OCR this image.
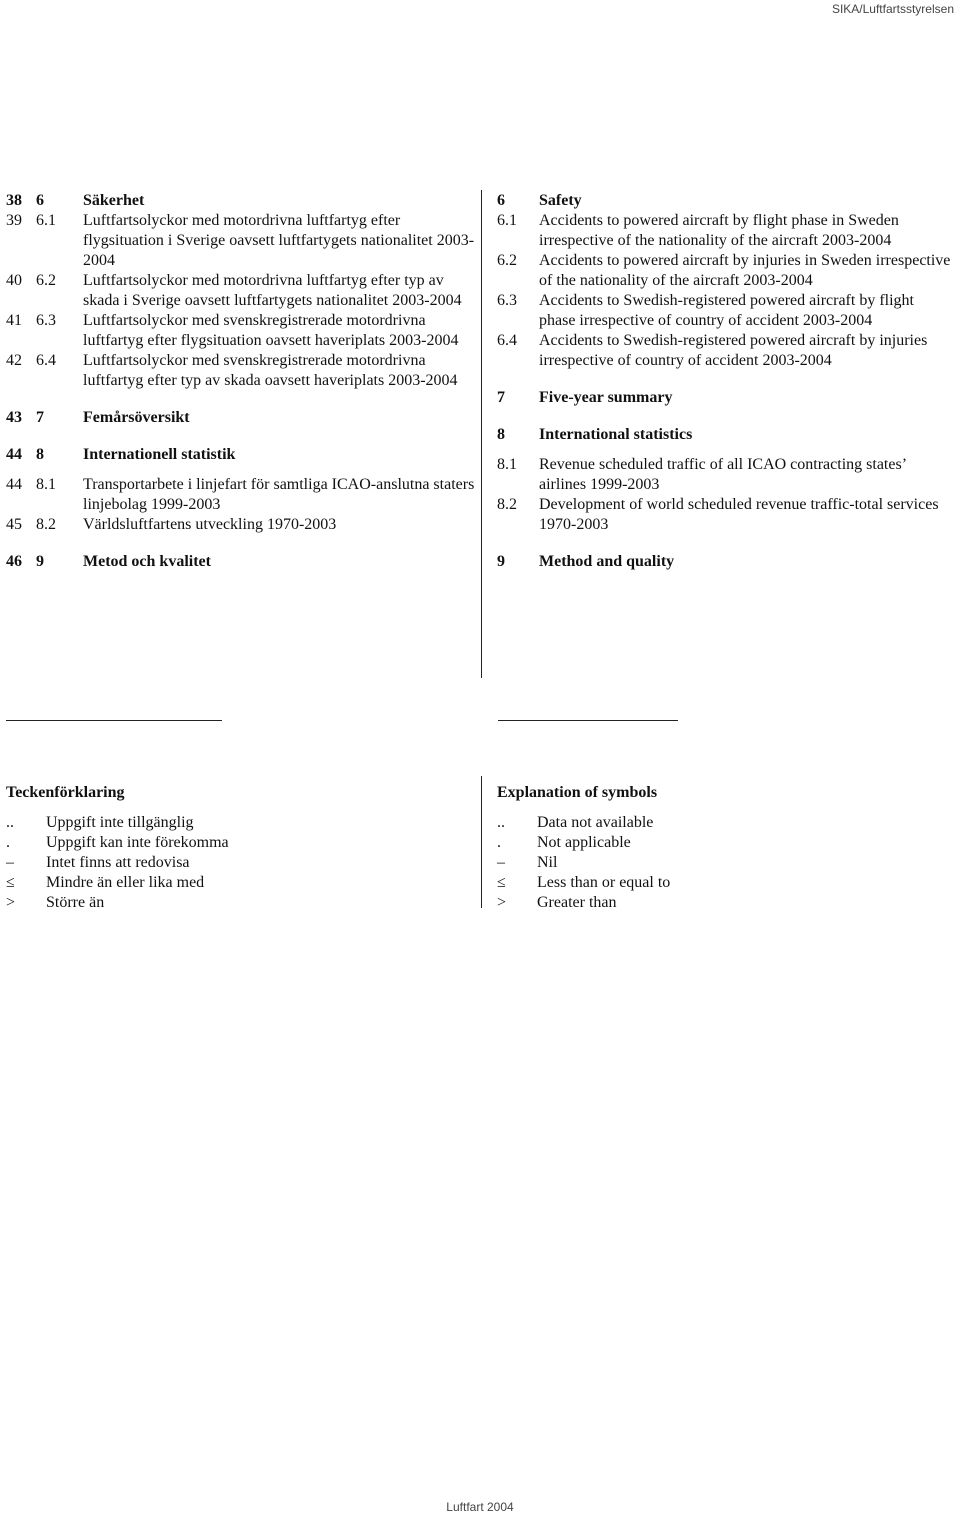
SIKA/Luftfartsstyrelsen
38 6	Säkerhet
39 6.1	Luftfartsolyckor med motordrivna luftfartyg efter flygsituation i Sverige oavsett luftfartygets nationalitet 2003-2004
40 6.2	Luftfartsolyckor med motordrivna luftfartyg efter typ av skada i Sverige oavsett luftfartygets nationalitet 2003-2004
41 6.3	Luftfartsolyckor med svenskregistrerade motordrivna luftfartyg efter flygsituation oavsett haveriplats 2003-2004
42 6.4	Luftfartsolyckor med svenskregistrerade motordrivna luftfartyg efter typ av skada oavsett haveriplats 2003-2004
43 7	Femårsöversikt
44 8	Internationell statistik
44 8.1	Transportarbete i linjefart för samtliga ICAO-anslutna staters linjebolag 1999-2003
45 8.2	Världsluftfartens utveckling 1970-2003
46 9	Metod och kvalitet
6	Safety
6.1	Accidents to powered aircraft by flight phase in Sweden irrespective of the nationality of the aircraft 2003-2004
6.2	Accidents to powered aircraft by injuries in Sweden irrespective of the nationality of the aircraft 2003-2004
6.3	Accidents to Swedish-registered powered aircraft by flight phase irrespective of country of accident 2003-2004
6.4	Accidents to Swedish-registered powered aircraft by injuries irrespective of country of accident 2003-2004
7	Five-year summary
8	International statistics
8.1	Revenue scheduled traffic of all ICAO contracting states’ airlines 1999-2003
8.2	Development of world scheduled revenue traffic-total services 1970-2003
9	Method and quality
Teckenförklaring
.. Uppgift inte tillgänglig
. Uppgift kan inte förekomma
– Intet finns att redovisa
≤ Mindre än eller lika med
> Större än
Explanation of symbols
.. Data not available
. Not applicable
– Nil
≤ Less than or equal to
> Greater than
Luftfart 2004
